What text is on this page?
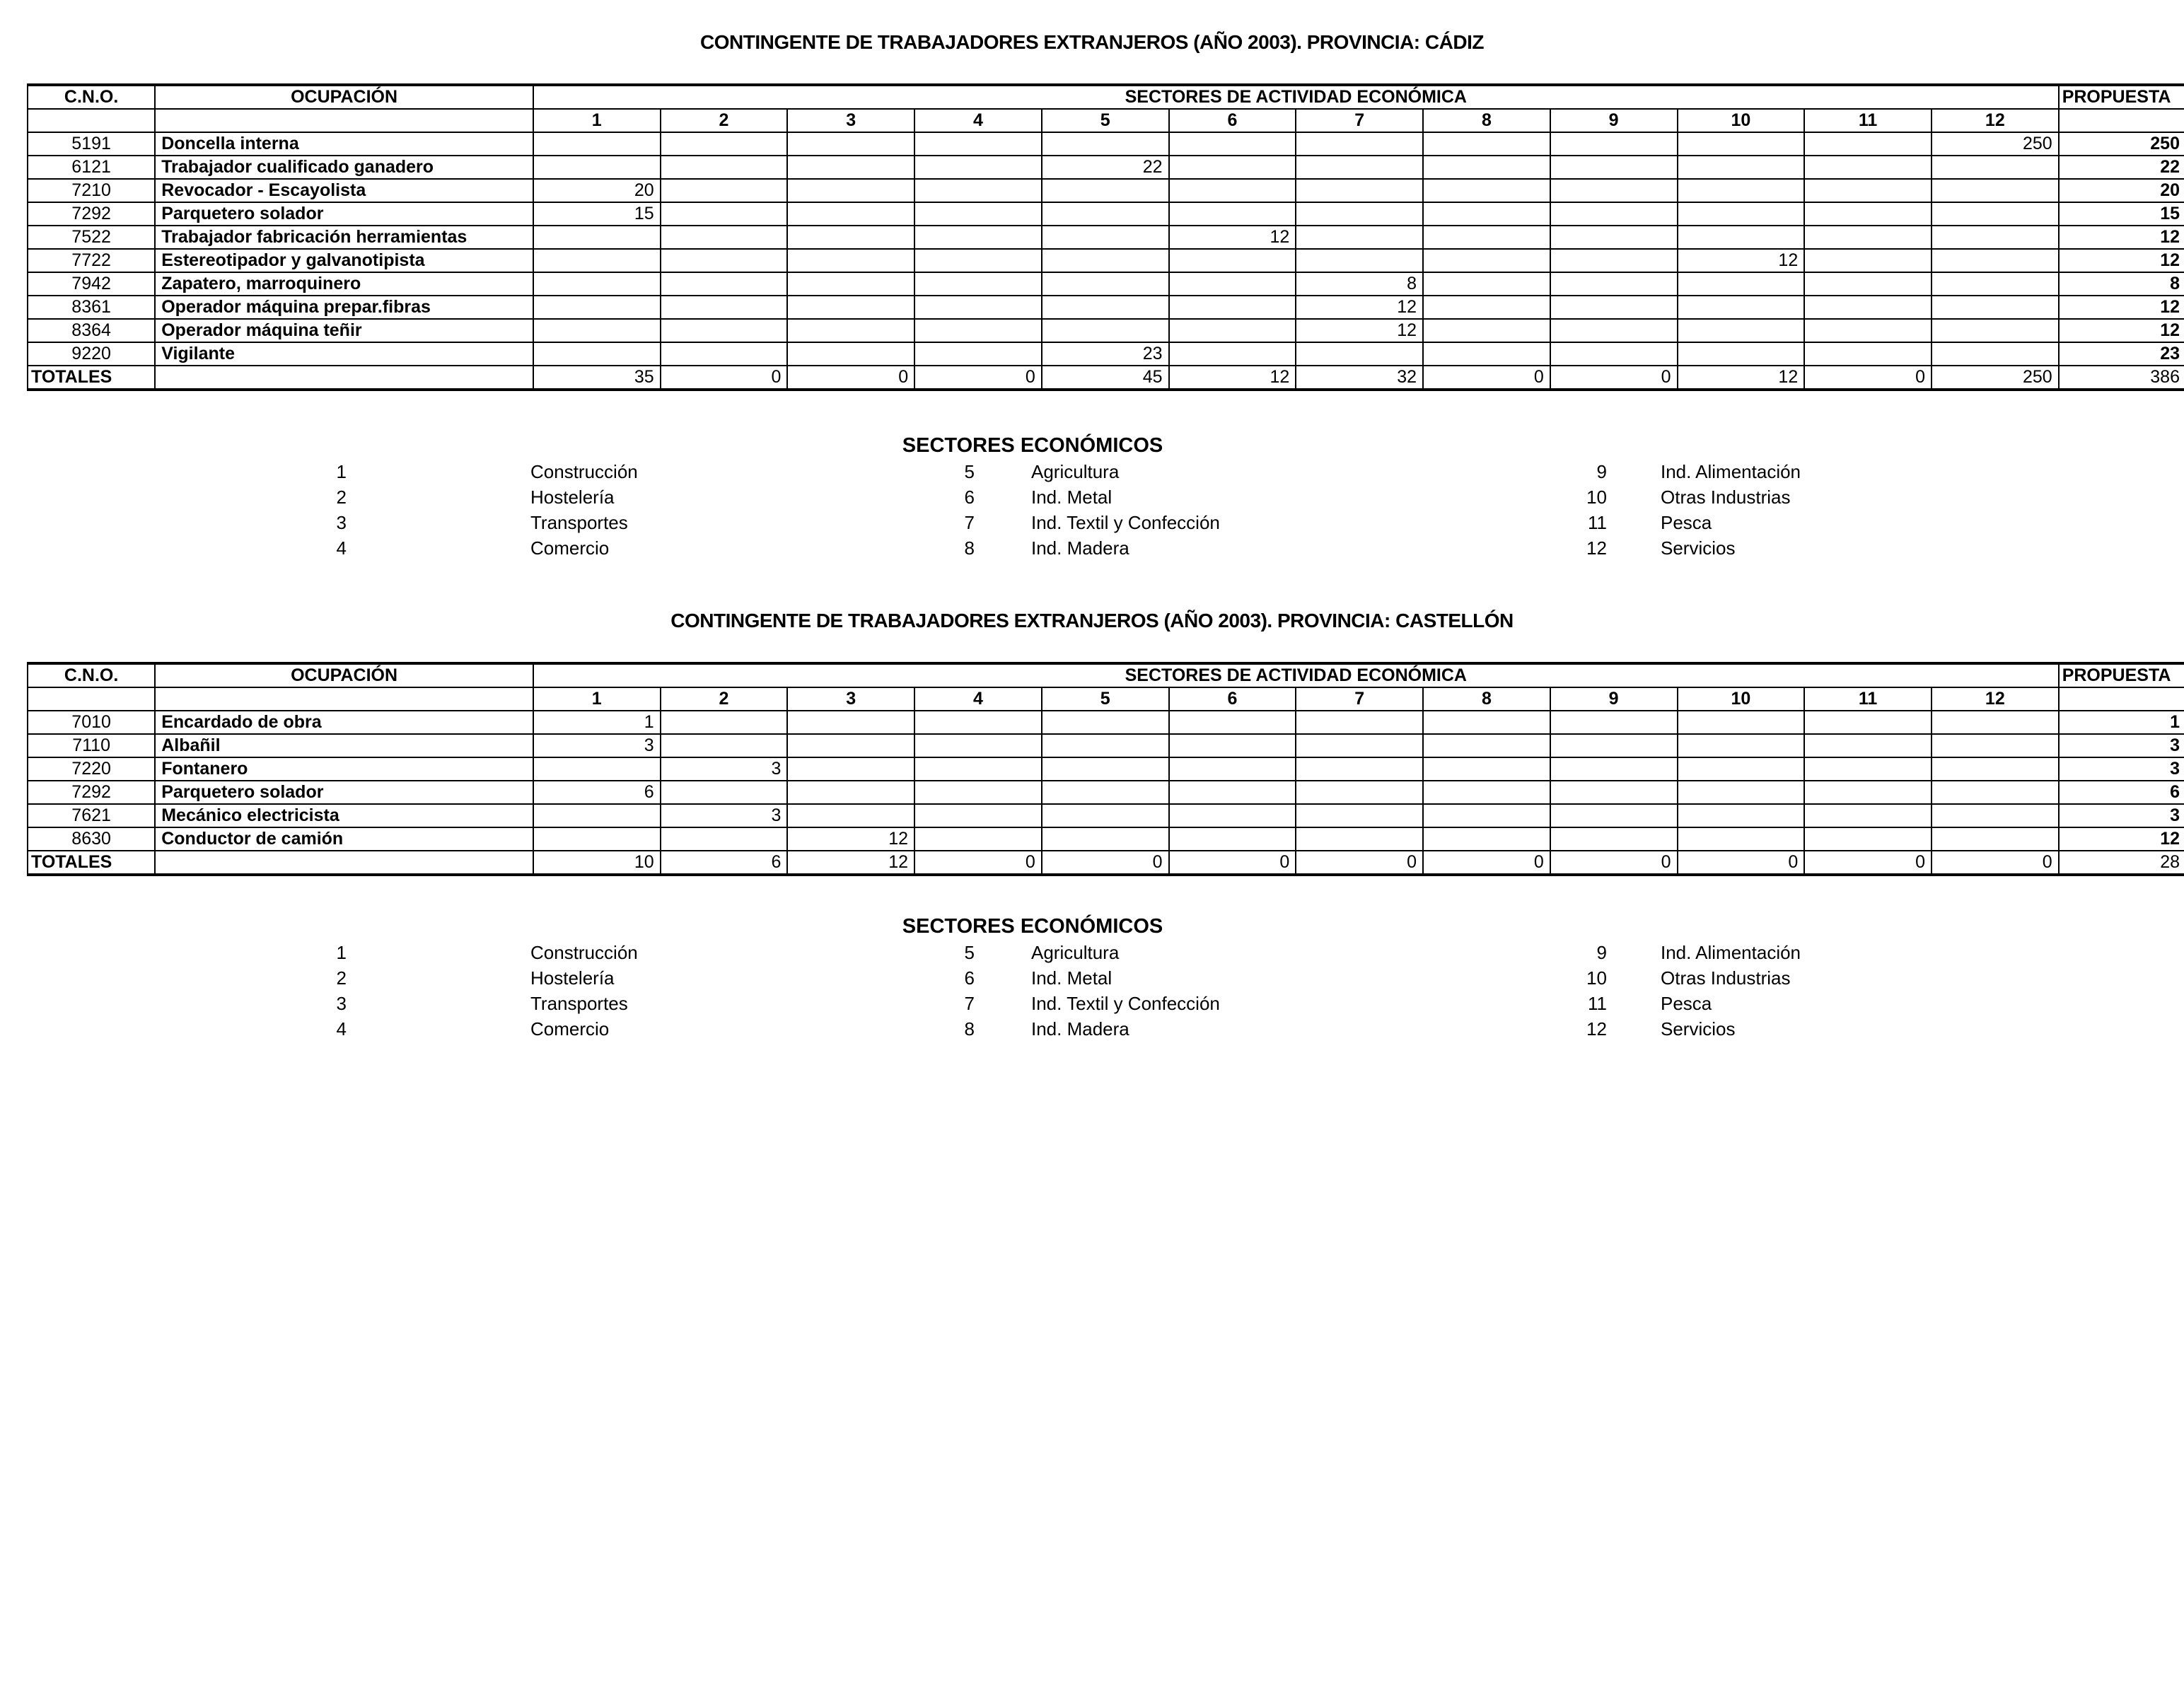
CONTINGENTE DE TRABAJADORES EXTRANJEROS (AÑO 2003). PROVINCIA: CÁDIZ
C.N.O.	OCUPACIÓN	SECTORES DE ACTIVIDAD ECONÓMICA												PROPUESTA
		1	2	3	4	5	6	7	8	9	10	11	12	
5191	Doncella interna												250	250
6121	Trabajador cualificado ganadero					22								22
7210	Revocador - Escayolista	20												20
7292	Parquetero solador	15												15
7522	Trabajador fabricación herramientas						12							12
7722	Estereotipador y galvanotipista										12			12
7942	Zapatero, marroquinero							8						8
8361	Operador máquina prepar.fibras							12						12
8364	Operador máquina teñir							12						12
9220	Vigilante					23								23
TOTALES		35	0	0	0	45	12	32	0	0	12	0	250	386
SECTORES ECONÓMICOS
1	Construcción
2	Hostelería
3	Transportes
4	Comercio
5	Agricultura
6	Ind. Metal
7	Ind. Textil y Confección
8	Ind. Madera
9	Ind. Alimentación
10	Otras Industrias
11	Pesca
12	Servicios
CONTINGENTE DE TRABAJADORES EXTRANJEROS (AÑO 2003). PROVINCIA: CASTELLÓN
C.N.O.	OCUPACIÓN	SECTORES DE ACTIVIDAD ECONÓMICA												PROPUESTA
		1	2	3	4	5	6	7	8	9	10	11	12	
7010	Encardado de obra	1												1
7110	Albañil	3												3
7220	Fontanero		3											3
7292	Parquetero solador	6												6
7621	Mecánico electricista		3											3
8630	Conductor de camión			12										12
TOTALES		10	6	12	0	0	0	0	0	0	0	0	0	28
SECTORES ECONÓMICOS
1	Construcción
2	Hostelería
3	Transportes
4	Comercio
5	Agricultura
6	Ind. Metal
7	Ind. Textil y Confección
8	Ind. Madera
9	Ind. Alimentación
10	Otras Industrias
11	Pesca
12	Servicios
